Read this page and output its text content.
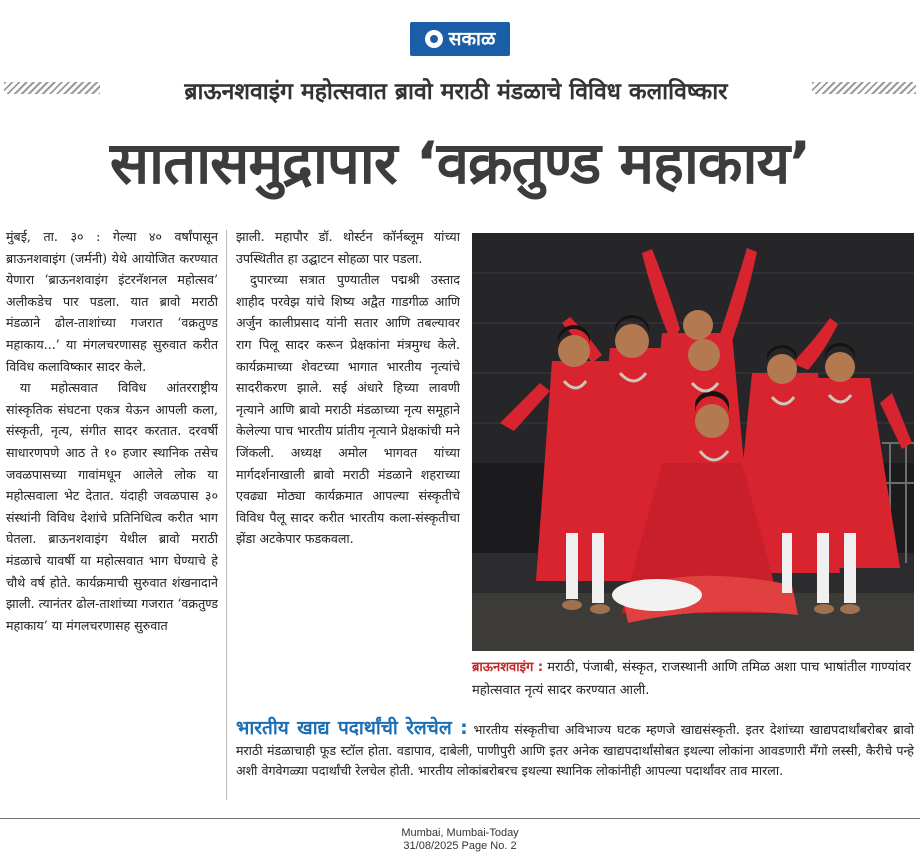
सकाळ
ब्राऊनशवाइंग महोत्सवात ब्रावो मराठी मंडळाचे विविध कलाविष्कार
सातासमुद्रापार ‘वक्रतुण्ड महाकाय’

मुंबई, ता. ३० : गेल्या ४० वर्षांपासून ब्राऊनशवाइंग (जर्मनी) येथे आयोजित करण्यात येणारा ‘ब्राऊनशवाइंग इंटरनॅशनल महोत्सव’ अलीकडेच पार पडला. यात ब्रावो मराठी मंडळाने ढोल-ताशांच्या गजरात ‘वक्रतुण्ड महाकाय...’ या मंगलचरणासह सुरुवात करीत विविध कलाविष्कार सादर केले.

या महोत्सवात विविध आंतरराष्ट्रीय सांस्कृतिक संघटना एकत्र येऊन आपली कला, संस्कृती, नृत्य, संगीत सादर करतात. दरवर्षी साधारणपणे आठ ते १० हजार स्थानिक तसेच जवळपासच्या गावांमधून आलेले लोक या महोत्सवाला भेट देतात. यंदाही जवळपास ३० संस्थांनी विविध देशांचे प्रतिनिधित्व करीत भाग घेतला. ब्राऊनशवाइंग येथील ब्रावो मराठी मंडळाचे यावर्षी या महोत्सवात भाग घेण्याचे हे चौथे वर्ष होते. कार्यक्रमाची सुरुवात शंखनादाने झाली. त्यानंतर ढोल-ताशांच्या गजरात ‘वक्रतुण्ड महाकाय’ या मंगलचरणासह सुरुवात

झाली. महापौर डॉ. थोर्स्टन कॉर्नब्लूम यांच्या उपस्थितीत हा उद्घाटन सोहळा पार पडला.

दुपारच्या सत्रात पुण्यातील पद्मश्री उस्ताद शाहीद परवेझ यांचे शिष्य अद्वैत गाडगीळ आणि अर्जुन कालीप्रसाद यांनी सतार आणि तबल्यावर राग पिलू सादर करून प्रेक्षकांना मंत्रमुग्ध केले. कार्यक्रमाच्या शेवटच्या भागात भारतीय नृत्यांचे सादरीकरण झाले. सई अंधारे हिच्या लावणी नृत्याने आणि ब्रावो मराठी मंडळाच्या नृत्य समूहाने केलेल्या पाच भारतीय प्रांतीय नृत्याने प्रेक्षकांची मने जिंकली. अध्यक्ष अमोल भागवत यांच्या मार्गदर्शनाखाली ब्रावो मराठी मंडळाने शहराच्या एवढ्या मोठ्या कार्यक्रमात आपल्या संस्कृतीचे विविध पैलू सादर करीत भारतीय कला-संस्कृतीचा झेंडा अटकेपार फडकवला.

ब्राऊनशवाइंग : मराठी, पंजाबी, संस्कृत, राजस्थानी आणि तमिळ अशा पाच भाषांतील गाण्यांवर महोत्सवात नृत्यं सादर करण्यात आली.
भारतीय खाद्य पदार्थांची रेलचेल : भारतीय संस्कृतीचा अविभाज्य घटक म्हणजे खाद्यसंस्कृती. इतर देशांच्या खाद्यपदार्थांबरोबर ब्रावो मराठी मंडळाचाही फूड स्टॉल होता. वडापाव, दाबेली, पाणीपुरी आणि इतर अनेक खाद्यपदार्थांसोबत इथल्या लोकांना आवडणारी मँगो लस्सी, कैरीचे पन्हे अशी वेगवेगळ्या पदार्थांची रेलचेल होती. भारतीय लोकांबरोबरच इथल्या स्थानिक लोकांनीही आपल्या पदार्थांवर ताव मारला.
Mumbai, Mumbai-Today
31/08/2025 Page No. 2
